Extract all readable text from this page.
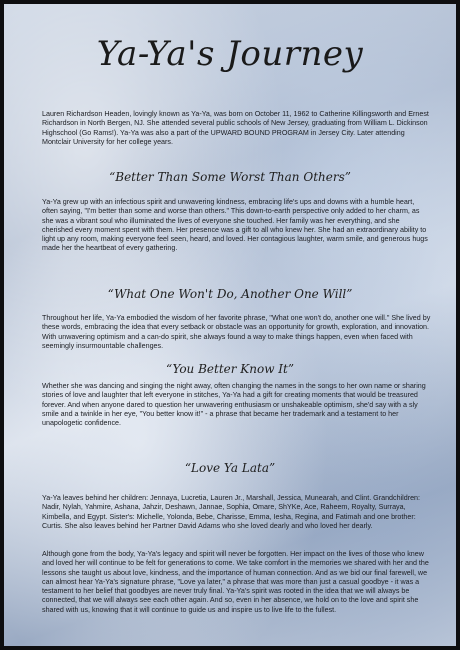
Ya-Ya's Journey

Lauren Richardson Headen, lovingly known as Ya-Ya, was born on October 11, 1962 to Catherine Killingsworth and Ernest Richardson in North Bergen, NJ. She attended several public schools of New Jersey, graduating from William L. Dickinson Highschool (Go Rams!). Ya-Ya was also a part of the UPWARD BOUND PROGRAM in Jersey City. Later attending Montclair University for her college years.

“Better Than Some Worst Than Others”

Ya-Ya grew up with an infectious spirit and unwavering kindness, embracing life's ups and downs with a humble heart, often saying, "I'm better than some and worse than others." This down-to-earth perspective only added to her charm, as she was a vibrant soul who illuminated the lives of everyone she touched. Her family was her everything, and she cherished every moment spent with them. Her presence was a gift to all who knew her. She had an extraordinary ability to light up any room, making everyone feel seen, heard, and loved. Her contagious laughter, warm smile, and generous hugs made her the heartbeat of every gathering.

“What One Won't Do, Another One Will”

Throughout her life, Ya-Ya embodied the wisdom of her favorite phrase, "What one won't do, another one will." She lived by these words, embracing the idea that every setback or obstacle was an opportunity for growth, exploration, and innovation. With unwavering optimism and a can-do spirit, she always found a way to make things happen, even when faced with seemingly insurmountable challenges.

“You Better Know It”

Whether she was dancing and singing the night away, often changing the names in the songs to her own name or sharing stories of love and laughter that left everyone in stitches, Ya-Ya had a gift for creating moments that would be treasured forever. And when anyone dared to question her unwavering enthusiasm or unshakeable optimism, she'd say with a sly smile and a twinkle in her eye, "You better know it!" - a phrase that became her trademark and a testament to her unapologetic confidence.

“Love Ya Lata”

Ya-Ya leaves behind her children: Jennaya, Lucretia, Lauren Jr., Marshall, Jessica, Munearah, and Clint. Grandchildren: Nadir, Nylah, Yahmire, Ashana, Jahzir, Deshawn, Jannae, Sophia, Omare, ShYKe, Ace, Raheem, Royalty, Surraya, Kimbella, and Egypt. Sister's: Michelle, Yolonda, Bebe, Charisse, Emma, Iesha, Regina, and Fatimah and one brother: Curtis. She also leaves behind her Partner David Adams who she loved dearly and who loved her dearly.

Although gone from the body, Ya-Ya's legacy and spirit will never be forgotten. Her impact on the lives of those who knew and loved her will continue to be felt for generations to come. We take comfort in the memories we shared with her and the lessons she taught us about love, kindness, and the importance of human connection. And as we bid our final farewell, we can almost hear Ya-Ya's signature phrase, "Love ya later," a phrase that was more than just a casual goodbye - it was a testament to her belief that goodbyes are never truly final. Ya-Ya's spirit was rooted in the idea that we will always be connected, that we will always see each other again. And so, even in her absence, we hold on to the love and spirit she shared with us, knowing that it will continue to guide us and inspire us to live life to the fullest.
